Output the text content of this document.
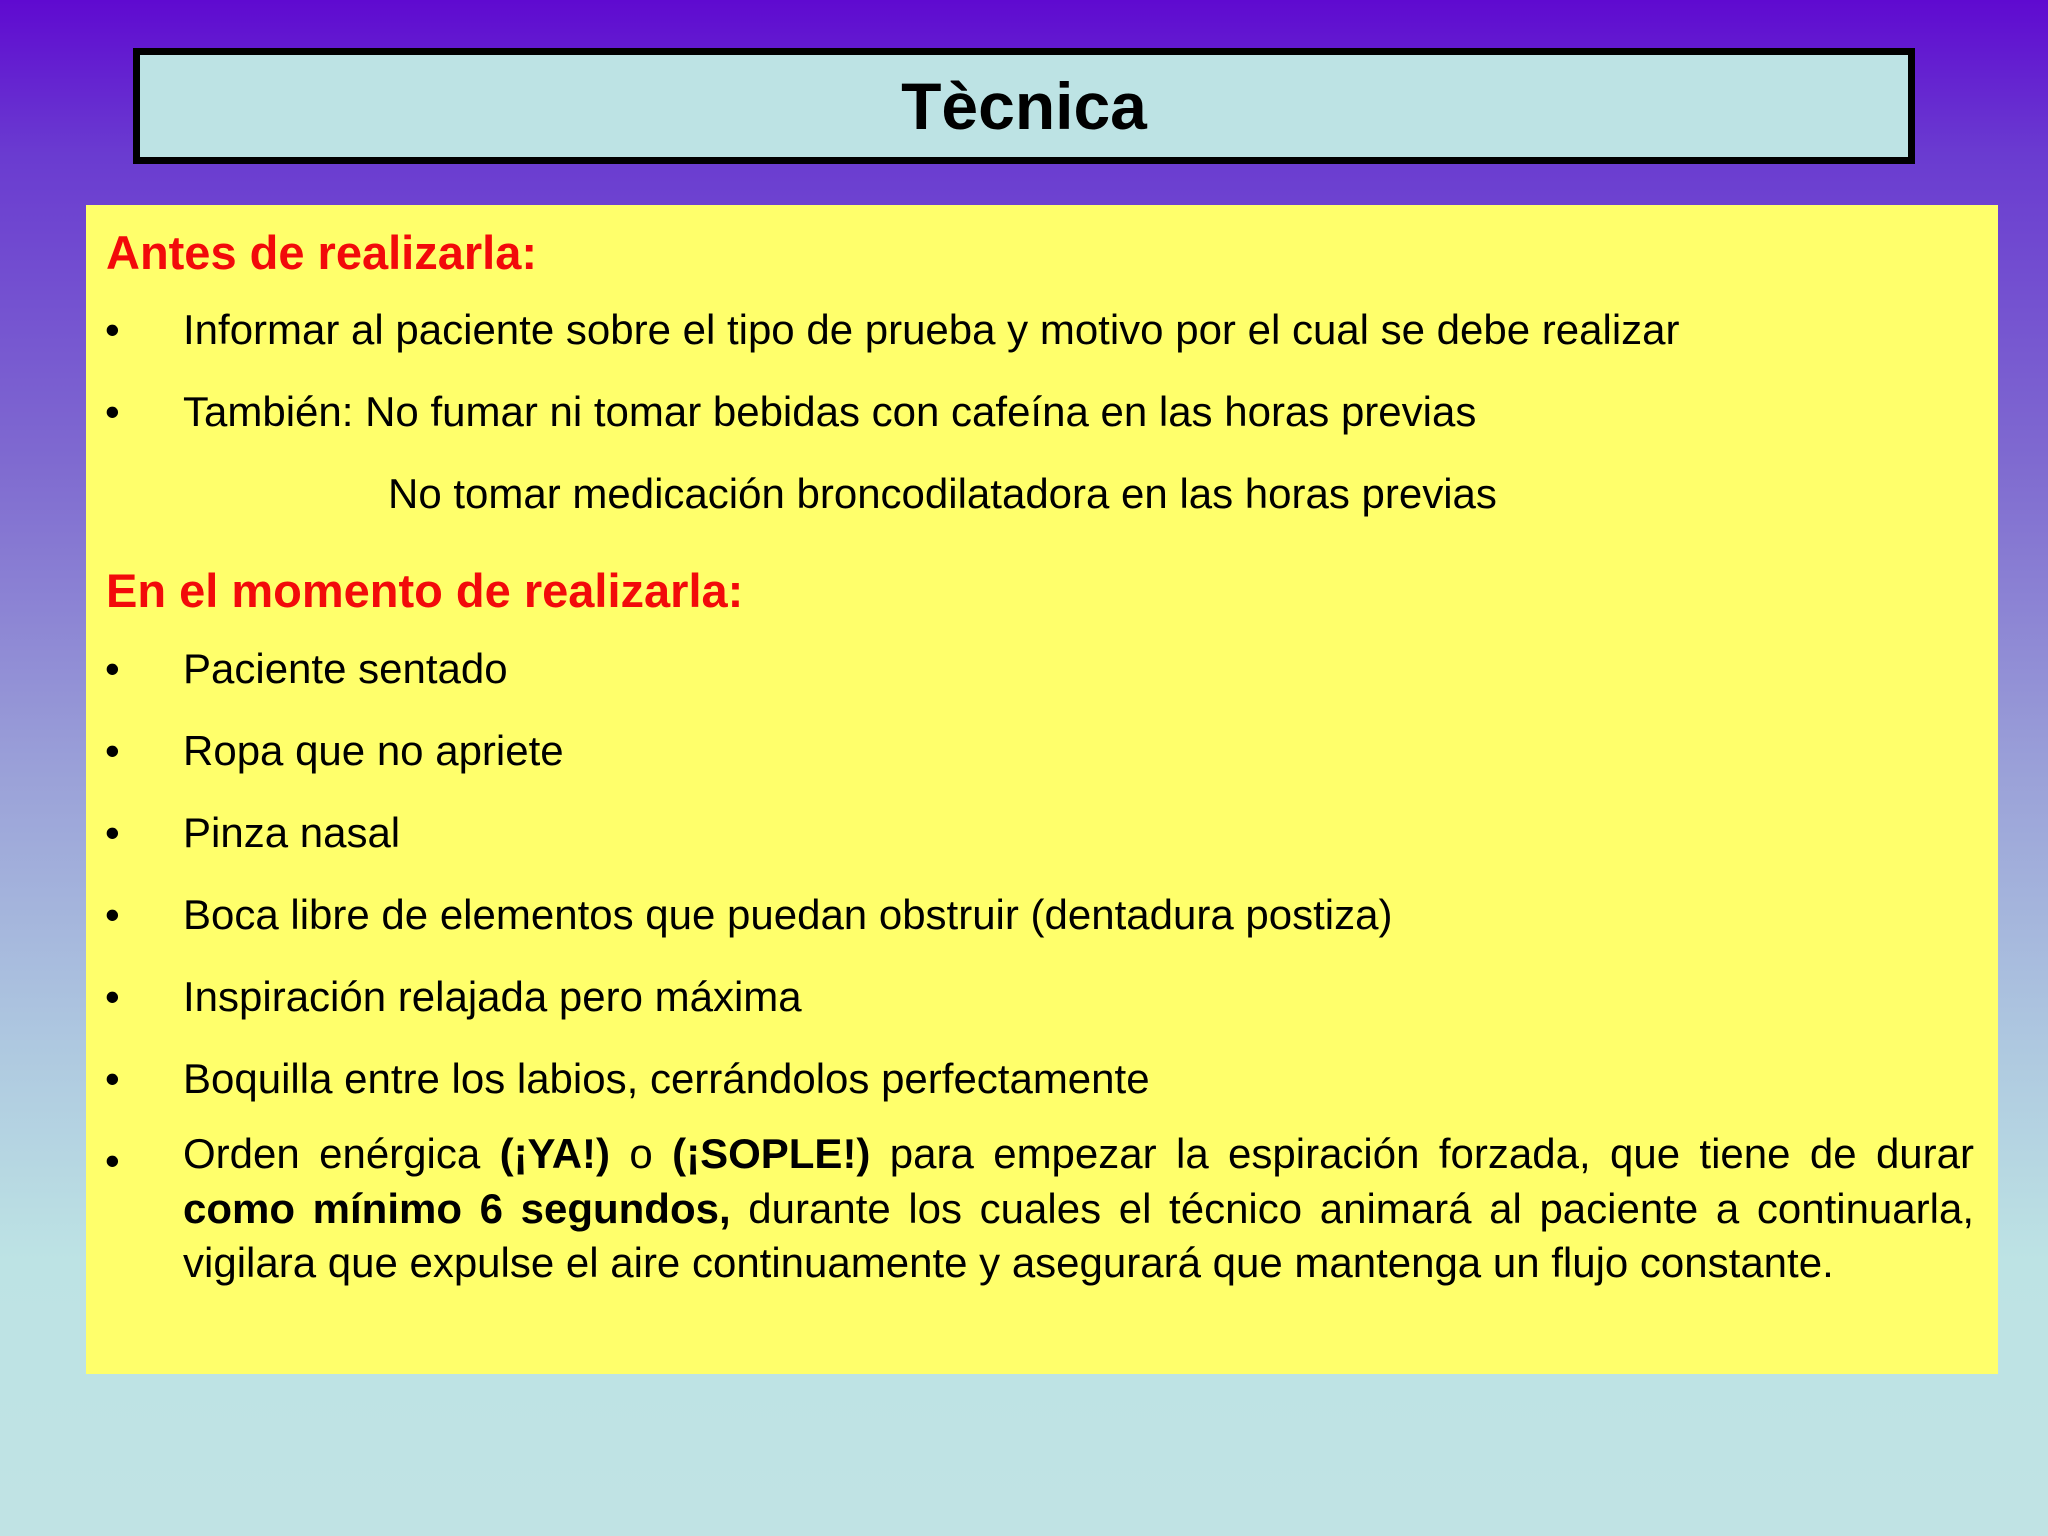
Tècnica
Antes de realizarla:
• Informar al paciente sobre el tipo de prueba y motivo por el cual se debe realizar
• También: No fumar ni tomar bebidas con cafeína en las horas previas
No tomar medicación broncodilatadora en las horas previas
En el momento de realizarla:
• Paciente sentado
• Ropa que no apriete
• Pinza nasal
• Boca libre de elementos que puedan obstruir (dentadura postiza)
• Inspiración relajada pero máxima
• Boquilla entre los labios, cerrándolos perfectamente
• Orden enérgica (¡YA!) o (¡SOPLE!) para empezar la espiración forzada, que tiene de durar como mínimo 6 segundos, durante los cuales el técnico animará al paciente a continuarla, vigilara que expulse el aire continuamente y asegurará que mantenga un flujo constante.
